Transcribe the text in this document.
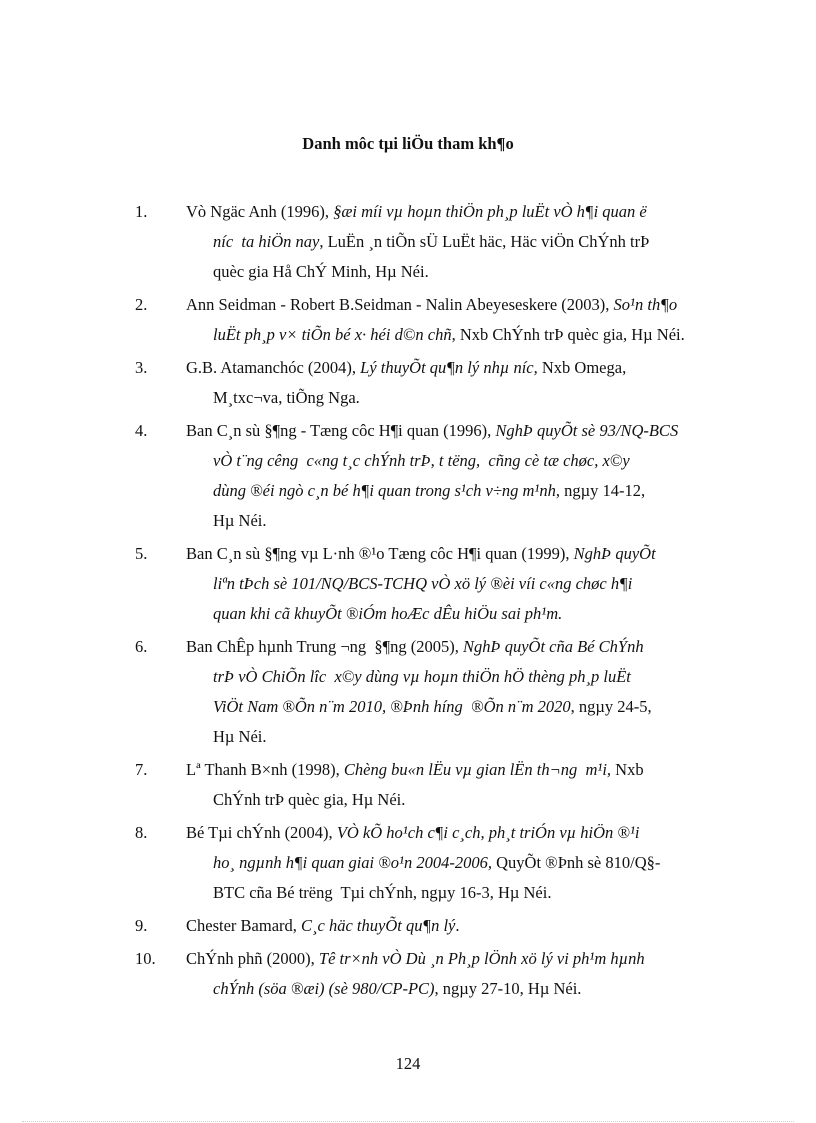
Danh môc tµi liÖu tham kh¶o
1. Vò Ngäc Anh (1996), §æi míi vµ hoµn thiÖn ph¸p luËt vÒ h¶i quan ë
níc  ta hiÖn nay, LuËn ¸n tiÕn sÜ LuËt häc, Häc viÖn ChÝnh trÞ
quèc gia Hå ChÝ Minh, Hµ Néi.
2. Ann Seidman - Robert B.Seidman - Nalin Abeyeseskere (2003), So¹n th¶o
luËt ph¸p v× tiÕn bé x· héi d©n chñ, Nxb ChÝnh trÞ quèc gia, Hµ Néi.
3. G.B. Atamanchóc (2004), Lý thuyÕt qu¶n lý nhµ níc, Nxb Omega,
M¸txc¬va, tiÕng Nga.
4. Ban C¸n sù §¶ng - Tæng côc H¶i quan (1996), NghÞ quyÕt sè 93/NQ-BCS
vÒ t¨ng cêng  c«ng t¸c chÝnh trÞ, t tëng,  cñng cè tæ chøc, x©y
dùng ®éi ngò c¸n bé h¶i quan trong s¹ch v÷ng m¹nh, ngµy 14-12,
Hµ Néi.
5. Ban C¸n sù §¶ng vµ L·nh ®¹o Tæng côc H¶i quan (1999), NghÞ quyÕt
liªn tÞch sè 101/NQ/BCS-TCHQ vÒ xö lý ®èi víi c«ng chøc h¶i
quan khi cã khuyÕt ®iÓm hoÆc dÊu hiÖu sai ph¹m.
6. Ban ChÊp hµnh Trung ¬ng  §¶ng (2005), NghÞ quyÕt cña Bé ChÝnh
trÞ vÒ ChiÕn lîc  x©y dùng vµ hoµn thiÖn hÖ thèng ph¸p luËt
ViÖt Nam ®Õn n¨m 2010, ®Þnh híng  ®Õn n¨m 2020, ngµy 24-5,
Hµ Néi.
7. Lª Thanh B×nh (1998), Chèng bu«n lËu vµ gian lËn th¬ng  m¹i, Nxb
ChÝnh trÞ quèc gia, Hµ Néi.
8. Bé Tµi chÝnh (2004), VÒ kÕ ho¹ch c¶i c¸ch, ph¸t triÓn vµ hiÖn ®¹i
ho¸ ngµnh h¶i quan giai ®o¹n 2004-2006, QuyÕt ®Þnh sè 810/Q§-
BTC cña Bé trëng  Tµi chÝnh, ngµy 16-3, Hµ Néi.
9. Chester Bamard, C¸c häc thuyÕt qu¶n lý.
10. ChÝnh phñ (2000), Tê tr×nh vÒ Dù ¸n Ph¸p lÖnh xö lý vi ph¹m hµnh
chÝnh (söa ®æi) (sè 980/CP-PC), ngµy 27-10, Hµ Néi.
124
